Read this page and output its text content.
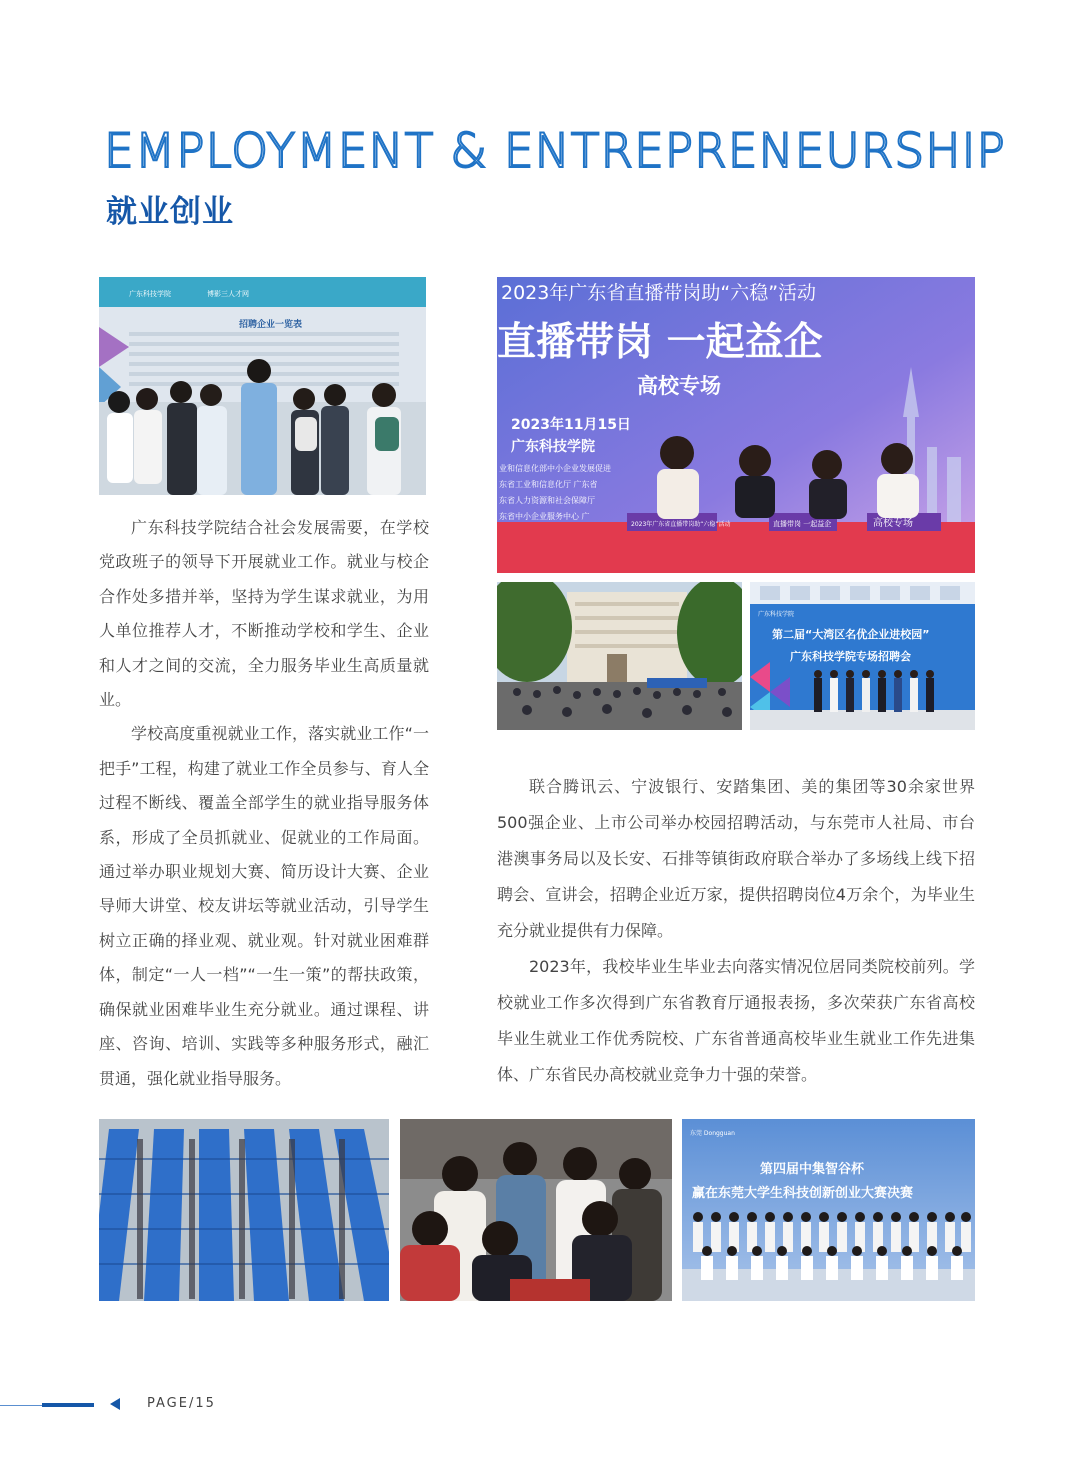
EMPLOYMENT & ENTREPRENEURSHIP
就业创业
广东科技学院	博影三人才网
招聘企业一览表
2023年广东省直播带岗助“六稳”活动
直播带岗 一起益企
高校专场
2023年11月15日
广东科技学院
业和信息化部中小企业发展促进
东省工业和信息化厅 广东省
东省人力资源和社会保障厅
东省中小企业服务中心 广
2023年广东省直播带岗助“六稳”活动	直播带岗 一起益企	高校专场
广东科技学院
第二届“大湾区名优企业进校园”
广东科技学院专场招聘会

广东科技学院结合社会发展需要，在学校党政班子的领导下开展就业工作。就业与校企合作处多措并举，坚持为学生谋求就业，为用人单位推荐人才，不断推动学校和学生、企业和人才之间的交流，全力服务毕业生高质量就业。

学校高度重视就业工作，落实就业工作“一把手”工程，构建了就业工作全员参与、育人全过程不断线、覆盖全部学生的就业指导服务体系，形成了全员抓就业、促就业的工作局面。通过举办职业规划大赛、简历设计大赛、企业导师大讲堂、校友讲坛等就业活动，引导学生树立正确的择业观、就业观。针对就业困难群体，制定“一人一档”“一生一策”的帮扶政策，确保就业困难毕业生充分就业。通过课程、讲座、咨询、培训、实践等多种服务形式，融汇贯通，强化就业指导服务。

联合腾讯云、宁波银行、安踏集团、美的集团等30余家世界500强企业、上市公司举办校园招聘活动，与东莞市人社局、市台港澳事务局以及长安、石排等镇街政府联合举办了多场线上线下招聘会、宣讲会，招聘企业近万家，提供招聘岗位4万余个，为毕业生充分就业提供有力保障。

2023年，我校毕业生毕业去向落实情况位居同类院校前列。学校就业工作多次得到广东省教育厅通报表扬，多次荣获广东省高校毕业生就业工作优秀院校、广东省普通高校毕业生就业工作先进集体、广东省民办高校就业竞争力十强的荣誉。

东莞 Dongguan
第四届中集智谷杯
赢在东莞大学生科技创新创业大赛决赛
PAGE/15
